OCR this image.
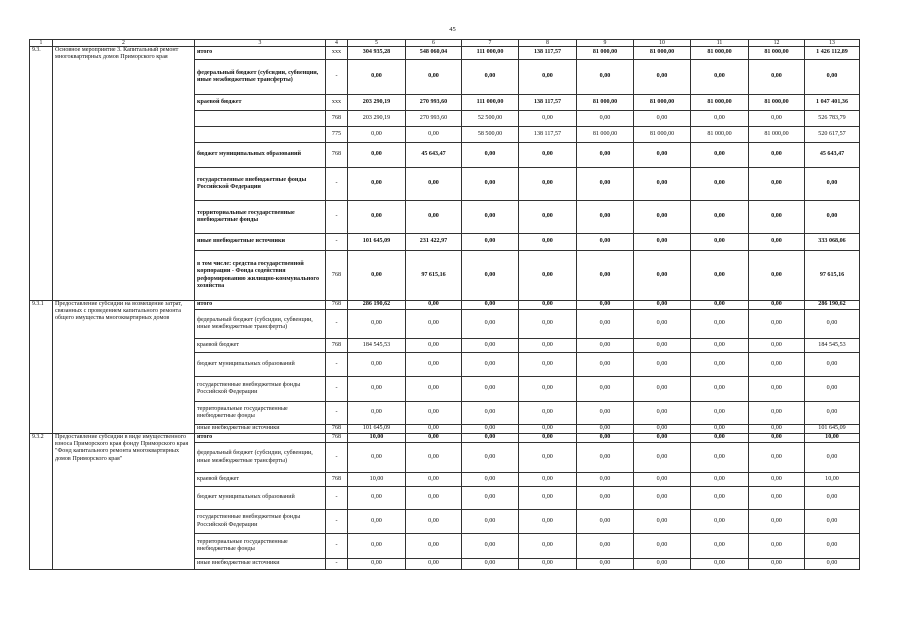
45
1	2	3	4	5	6	7	8	9	10	11	12	13
9.3.	Основное мероприятие 3. Капитальный ремонт многоквартирных домов Приморского края	итого	xxx	304 935,28	548 060,04	111 000,00	138 117,57	81 000,00	81 000,00	81 000,00	81 000,00	1 426 112,89
		федеральный бюджет (субсидии, субвенции, иные межбюджетные трансферты)	-	0,00	0,00	0,00	0,00	0,00	0,00	0,00	0,00	0,00
		краевой бюджет	xxx	203 290,19	270 993,60	111 000,00	138 117,57	81 000,00	81 000,00	81 000,00	81 000,00	1 047 401,36
			768	203 290,19	270 993,60	52 500,00	0,00	0,00	0,00	0,00	0,00	526 783,79
			775	0,00	0,00	58 500,00	138 117,57	81 000,00	81 000,00	81 000,00	81 000,00	520 617,57
		бюджет муниципальных образований	768	0,00	45 643,47	0,00	0,00	0,00	0,00	0,00	0,00	45 643,47
		государственные внебюджетные фонды Российской Федерации	-	0,00	0,00	0,00	0,00	0,00	0,00	0,00	0,00	0,00
		территориальные государственные внебюджетные фонды	-	0,00	0,00	0,00	0,00	0,00	0,00	0,00	0,00	0,00
		иные внебюджетные источники	-	101 645,09	231 422,97	0,00	0,00	0,00	0,00	0,00	0,00	333 068,06
		в том числе: средства государственной корпорации - Фонда содействия реформированию жилищно-коммунального хозяйства	768	0,00	97 615,16	0,00	0,00	0,00	0,00	0,00	0,00	97 615,16
9.3.1	Предоставление субсидии на возмещение затрат, связанных с проведением капитального ремонта общего имущества многоквартирных домов	итого	768	286 190,62	0,00	0,00	0,00	0,00	0,00	0,00	0,00	286 190,62
		федеральный бюджет (субсидии, субвенции, иные межбюджетные трансферты)	-	0,00	0,00	0,00	0,00	0,00	0,00	0,00	0,00	0,00
		краевой бюджет	768	184 545,53	0,00	0,00	0,00	0,00	0,00	0,00	0,00	184 545,53
		бюджет муниципальных образований	-	0,00	0,00	0,00	0,00	0,00	0,00	0,00	0,00	0,00
		государственные внебюджетные фонды Российской Федерации	-	0,00	0,00	0,00	0,00	0,00	0,00	0,00	0,00	0,00
		территориальные государственные внебюджетные фонды	-	0,00	0,00	0,00	0,00	0,00	0,00	0,00	0,00	0,00
		иные внебюджетные источники	768	101 645,09	0,00	0,00	0,00	0,00	0,00	0,00	0,00	101 645,09
9.3.2	Предоставление субсидии в виде имущественного взноса Приморского края фонду Приморского края "Фонд капитального ремонта многоквартирных домов Приморского края"	итого	768	10,00	0,00	0,00	0,00	0,00	0,00	0,00	0,00	10,00
		федеральный бюджет (субсидии, субвенции, иные межбюджетные трансферты)	-	0,00	0,00	0,00	0,00	0,00	0,00	0,00	0,00	0,00
		краевой бюджет	768	10,00	0,00	0,00	0,00	0,00	0,00	0,00	0,00	10,00
		бюджет муниципальных образований	-	0,00	0,00	0,00	0,00	0,00	0,00	0,00	0,00	0,00
		государственные внебюджетные фонды Российской Федерации	-	0,00	0,00	0,00	0,00	0,00	0,00	0,00	0,00	0,00
		территориальные государственные внебюджетные фонды	-	0,00	0,00	0,00	0,00	0,00	0,00	0,00	0,00	0,00
		иные внебюджетные источники	-	0,00	0,00	0,00	0,00	0,00	0,00	0,00	0,00	0,00
